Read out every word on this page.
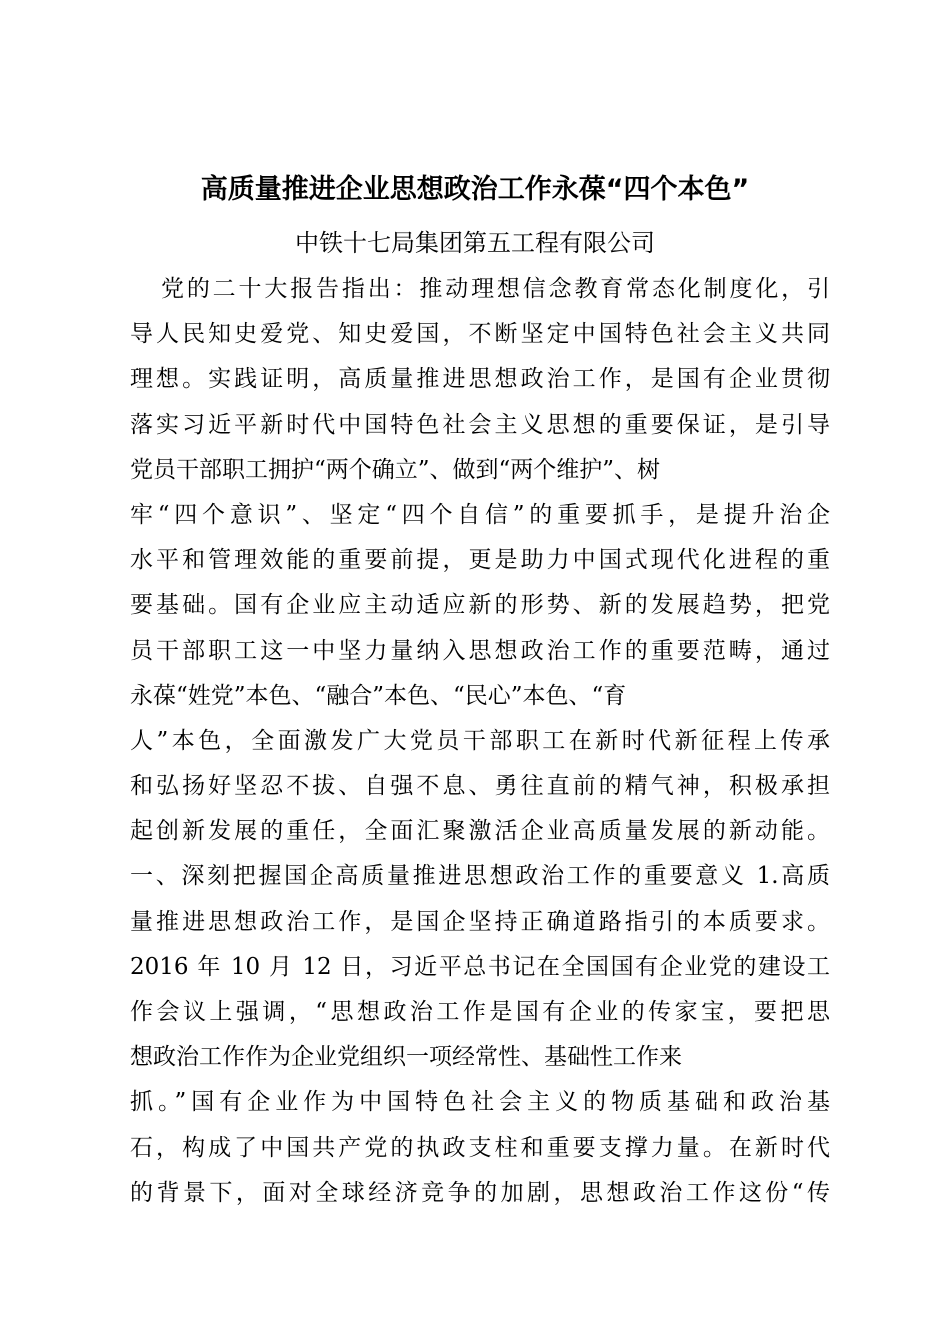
高质量推进企业思想政治工作永葆“四个本色”

中铁十七局集团第五工程有限公司

党的二十大报告指出：推动理想信念教育常态化制度化，引
导人民知史爱党、知史爱国，不断坚定中国特色社会主义共同
理想。实践证明，高质量推进思想政治工作，是国有企业贯彻
落实习近平新时代中国特色社会主义思想的重要保证，是引导
党员干部职工拥护“两个确立”、做到“两个维护”、树
牢“四个意识”、坚定“四个自信”的重要抓手，是提升治企
水平和管理效能的重要前提，更是助力中国式现代化进程的重
要基础。国有企业应主动适应新的形势、新的发展趋势，把党
员干部职工这一中坚力量纳入思想政治工作的重要范畴，通过
永葆“姓党”本色、“融合”本色、“民心”本色、“育
人”本色，全面激发广大党员干部职工在新时代新征程上传承
和弘扬好坚忍不拔、自强不息、勇往直前的精气神，积极承担
起创新发展的重任，全面汇聚激活企业高质量发展的新动能。
一、深刻把握国企高质量推进思想政治工作的重要意义 1.高质
量推进思想政治工作，是国企坚持正确道路指引的本质要求。
2016 年 10 月 12 日，习近平总书记在全国国有企业党的建设工
作会议上强调，“思想政治工作是国有企业的传家宝，要把思
想政治工作作为企业党组织一项经常性、基础性工作来
抓。”国有企业作为中国特色社会主义的物质基础和政治基
石，构成了中国共产党的执政支柱和重要支撑力量。在新时代
的背景下，面对全球经济竞争的加剧，思想政治工作这份“传
